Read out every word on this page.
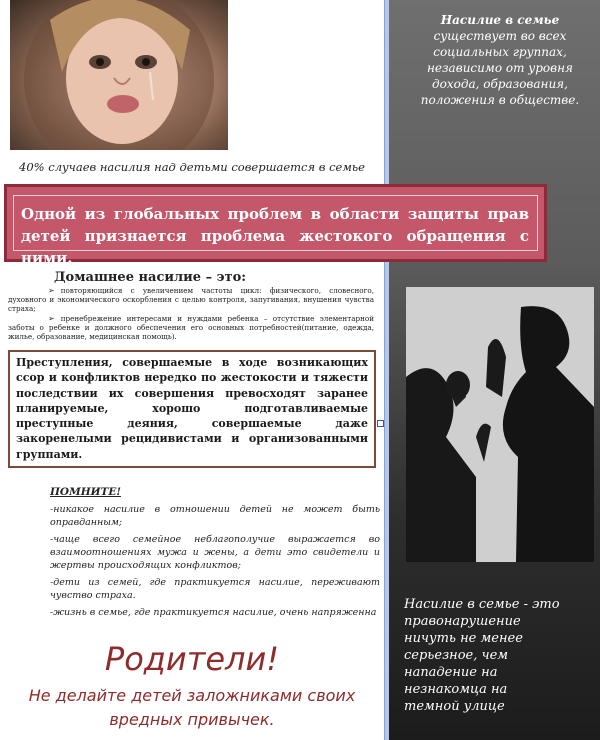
40% случаев насилия над детьми совершается в семье
Одной из глобальных проблем в области защиты прав детей признается проблема жестокого обращения с ними.
Домашнее насилие – это:
➢ повторяющийся с увеличением частоты цикл: физического, словесного, духовного и экономического оскорбления с целью контроля, запугивания, внушения чувства страха;
➢ пренебрежение интересами и нуждами ребенка – отсутствие элементарной заботы о ребенке и должного обеспечения его основных потребностей(питание, одежда, жилье, образование, медицинская помощь).
Преступления, совершаемые в ходе возникающих ссор и конфликтов нередко по жестокости и тяжести последствии их совершения превосходят заранее планируемые, хорошо подготавливаемые преступные деяния, совершаемые даже закоренелыми рецидивистами и организованными группами.
ПОМНИТЕ!

-никакое насилие в отношении детей не может быть оправданным;

-чаще всего семейное неблагополучие выражается во взаимоотношениях мужа и жены, а дети это свидетели и жертвы происходящих конфликтов;

-дети из семей, где практикуется насилие, переживают чувство страха.

-жизнь в семье, где практикуется насилие, очень напряженна

Родители!
Не делайте детей заложниками своих вредных привычек.
Насилие в семье
существует во всех
социальных группах,
независимо от уровня
дохода, образования,
положения в обществе.
Насилие в семье - это правонарушение ничуть не менее серьезное, чем нападение на незнакомца на темной улице
